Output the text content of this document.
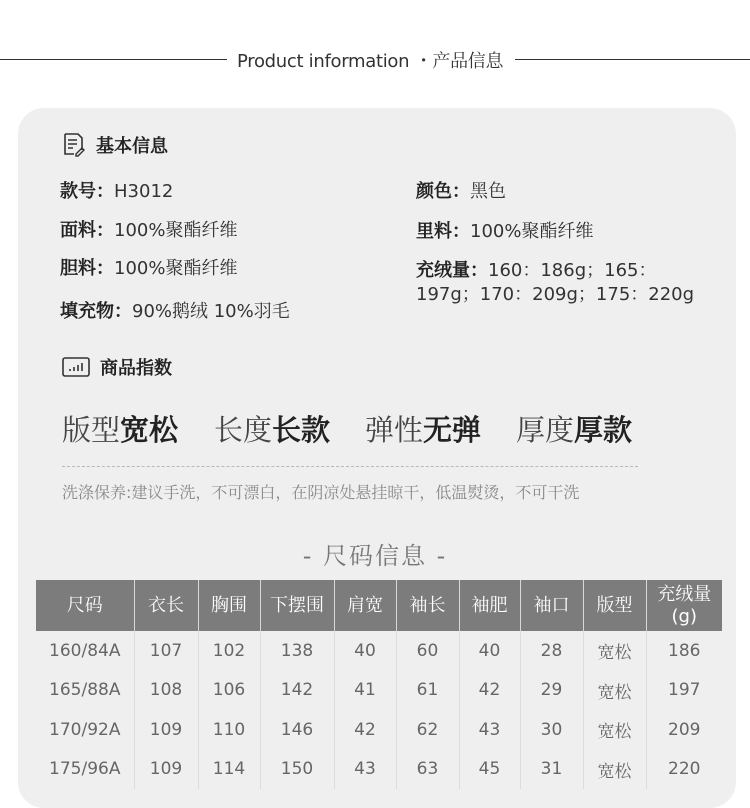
Product information ・产品信息
基本信息
款号：H3012	颜色：黑色
面料：100%聚酯纤维	里料：100%聚酯纤维
胆料：100%聚酯纤维	充绒量：160：186g；165：197g；170：209g；175：220g
填充物：90%鹅绒 10%羽毛
商品指数
版型宽松 长度长款 弹性无弹 厚度厚款
洗涤保养:建议手洗，不可漂白，在阴凉处悬挂晾干，低温熨烫，不可干洗
- 尺码信息 -
尺码	衣长	胸围	下摆围	肩宽	袖长	袖肥	袖口	版型	充绒量
(g)
160/84A	107	102	138	40	60	40	28	宽松	186
165/88A	108	106	142	41	61	42	29	宽松	197
170/92A	109	110	146	42	62	43	30	宽松	209
175/96A	109	114	150	43	63	45	31	宽松	220
